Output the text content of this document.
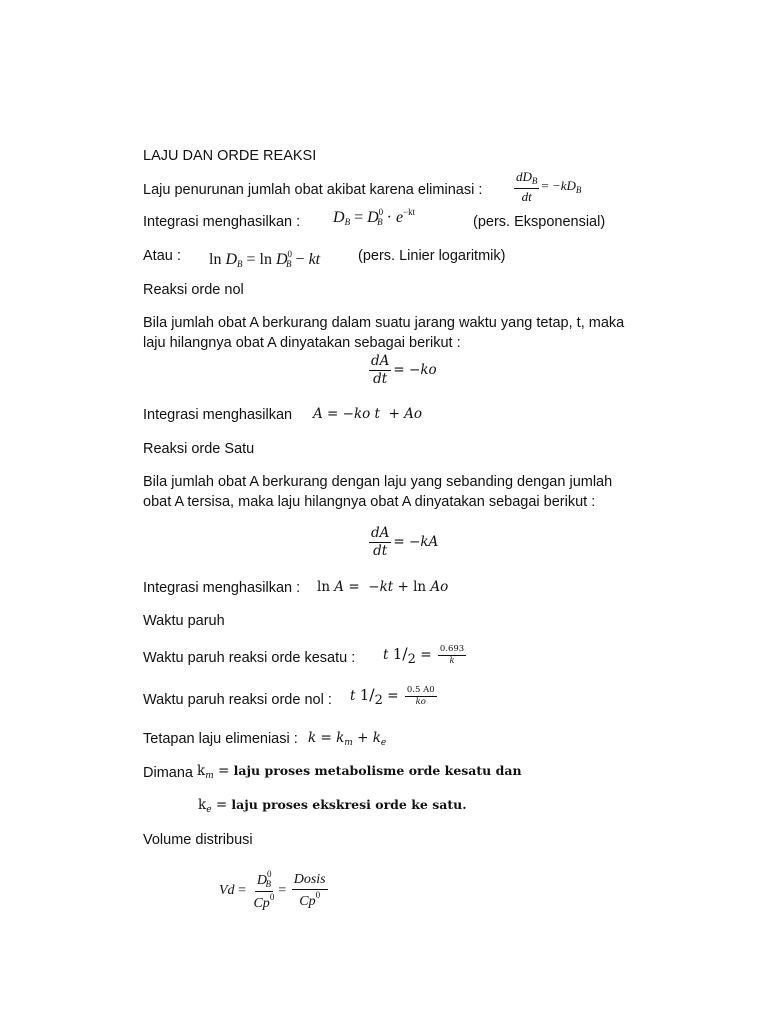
LAJU DAN ORDE REAKSI
Laju penurunan jumlah obat akibat karena eliminasi : $\frac{dD_B}{dt} = -kD_B$
Integrasi menghasilkan : $D_B = D^0_B \cdot e^{-kt}$
(pers. Eksponensial)
Atau : $\ln D_B = \ln D^0_B$ − kt	(pers. Linier logaritmik)
Reaksi orde nol
Bila jumlah obat A berkurang dalam suatu jarang waktu yang tetap, t, maka
laju hilangnya obat A dinyatakan sebagai berikut :
$\frac{dA}{dt} = -ko$
Integrasi menghasilkan A = −ko t  + Ao
Reaksi orde Satu
Bila jumlah obat A berkurang dengan laju yang sebanding dengan jumlah
obat A tersisa, maka laju hilangnya obat A dinyatakan sebagai berikut :
$\frac{dA}{dt} = -kA$
Integrasi menghasilkan : ln A =  −kt + ln Ao
Waktu paruh
Waktu paruh reaksi orde kesatu : t $1/2 = \frac{0.693}{k}$
Waktu paruh reaksi orde nol : t $1/2 = \frac{0.5 A0}{ko}$
Tetapan laju elimeniasi : $k = k_m + k_e$
Dimana $k_m$ = laju proses metabolisme orde kesatu dan
$k_e$ = laju proses ekskresi orde ke satu.
Volume distribusi
$Vd = \frac{D^0_B}{Cp^0} = \frac{\text{Dosis}}{Cp^0}$
